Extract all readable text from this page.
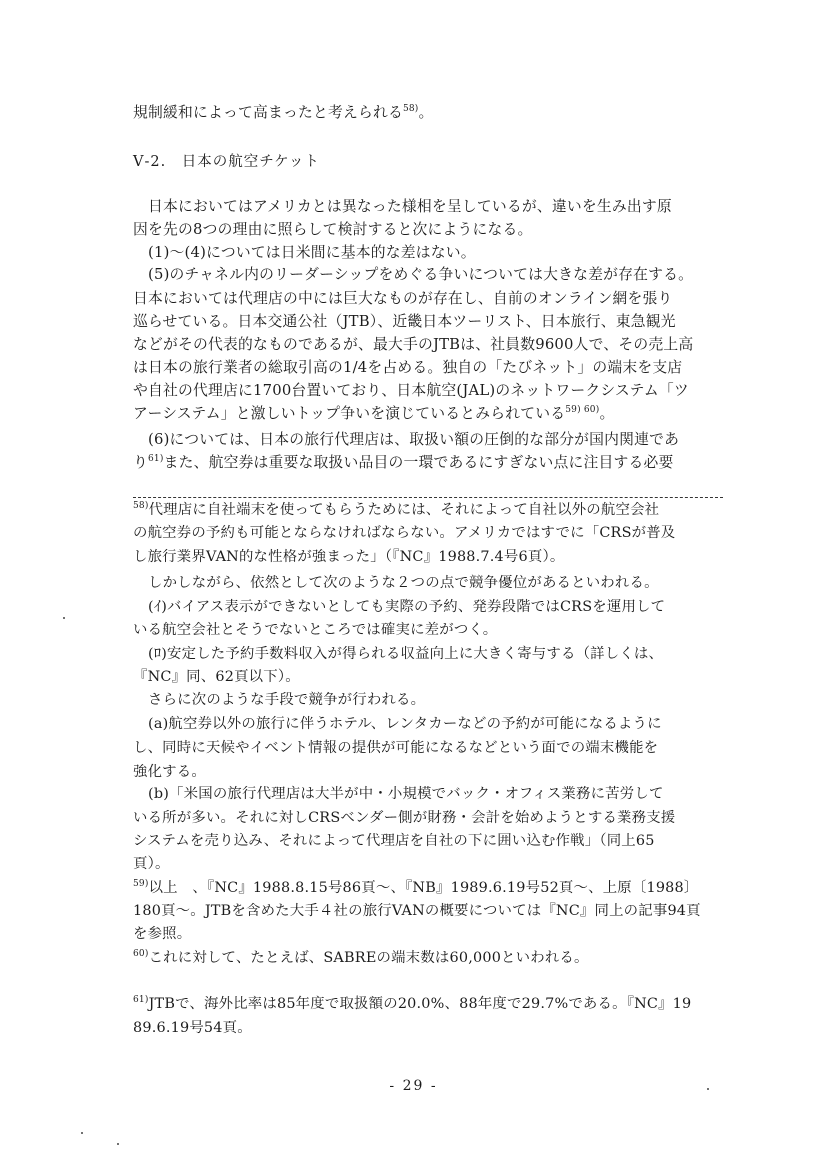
規制緩和によって高まったと考えられる$^{58)}$。
Ⅴ-2.　日本の航空チケット
日本においてはアメリカとは異なった様相を呈しているが、違いを生み出す原
因を先の8つの理由に照らして検討すると次にようになる。
(1)～(4)については日米間に基本的な差はない。
(5)のチャネル内のリーダーシップをめぐる争いについては大きな差が存在する。
日本においては代理店の中には巨大なものが存在し、自前のオンライン網を張り
巡らせている。日本交通公社（JTB）、近畿日本ツーリスト、日本旅行、東急観光
などがその代表的なものであるが、最大手のJTBは、社員数9600人で、その売上高
は日本の旅行業者の総取引高の1/4を占める。独自の「たびネット」の端末を支店
や自社の代理店に1700台置いており、日本航空(JAL)のネットワークシステム「ツ
アーシステム」と激しいトップ争いを演じているとみられている$^{59) 60)}$。
(6)については、日本の旅行代理店は、取扱い額の圧倒的な部分が国内関連であ
り$^{61)}$また、航空券は重要な取扱い品目の一環であるにすぎない点に注目する必要
$^{58)}$代理店に自社端末を使ってもらうためには、それによって自社以外の航空会社
の航空券の予約も可能とならなければならない。アメリカではすでに「CRSが普及
し旅行業界VAN的な性格が強まった」（『NC』1988.7.4号6頁）。
しかしながら、依然として次のような２つの点で競争優位があるといわれる。
(ｲ)バイアス表示ができないとしても実際の予約、発券段階ではCRSを運用して
いる航空会社とそうでないところでは確実に差がつく。
(ﾛ)安定した予約手数料収入が得られる収益向上に大きく寄与する（詳しくは、
『NC』同、62頁以下）。
さらに次のような手段で競争が行われる。
(a)航空券以外の旅行に伴うホテル、レンタカーなどの予約が可能になるように
し、同時に天候やイベント情報の提供が可能になるなどという面での端末機能を
強化する。
(b)「米国の旅行代理店は大半が中・小規模でバック・オフィス業務に苦労して
いる所が多い。それに対しCRSベンダー側が財務・会計を始めようとする業務支援
システムを売り込み、それによって代理店を自社の下に囲い込む作戦」（同上65
頁）。
$^{59)}$以上　、『NC』1988.8.15号86頁～、『NB』1989.6.19号52頁～、上原〔1988〕
180頁～。JTBを含めた大手４社の旅行VANの概要については『NC』同上の記事94頁
を参照。
$^{60)}$これに対して、たとえば、SABREの端末数は60,000といわれる。
$^{61)}$JTBで、海外比率は85年度で取扱額の20.0%、88年度で29.7%である。『NC』19
89.6.19号54頁。
- 29 -
